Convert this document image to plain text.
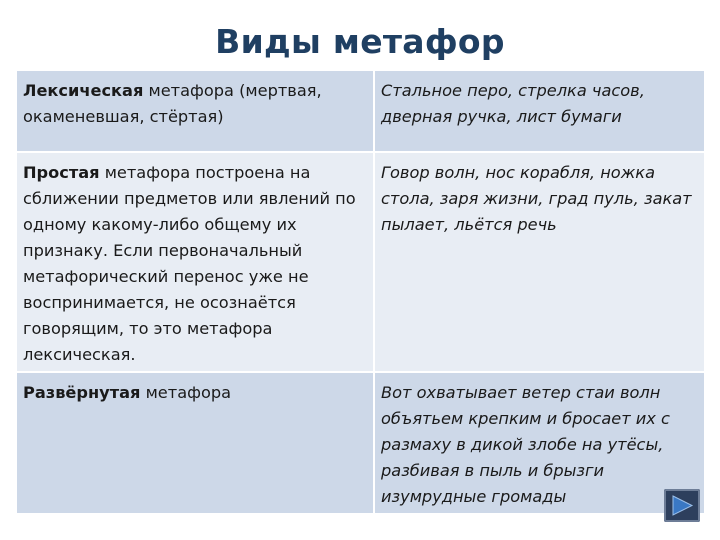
Виды метафор
Лексическая метафора (мертвая, окаменевшая, стёртая)	Стальное перо, стрелка часов, дверная ручка, лист бумаги
Простая метафора построена на сближении предметов или явлений по одному какому-либо общему их признаку. Если первоначальный метафорический перенос уже не воспринимается, не осознаётся говорящим, то это метафора лексическая.	Говор волн, нос корабля, ножка стола, заря жизни, град пуль, закат пылает, льётся речь
Развёрнутая метафора	Вот охватывает ветер стаи волн объятьем крепким и бросает их с размаху в дикой злобе на утёсы, разбивая в пыль и брызги изумрудные громады
